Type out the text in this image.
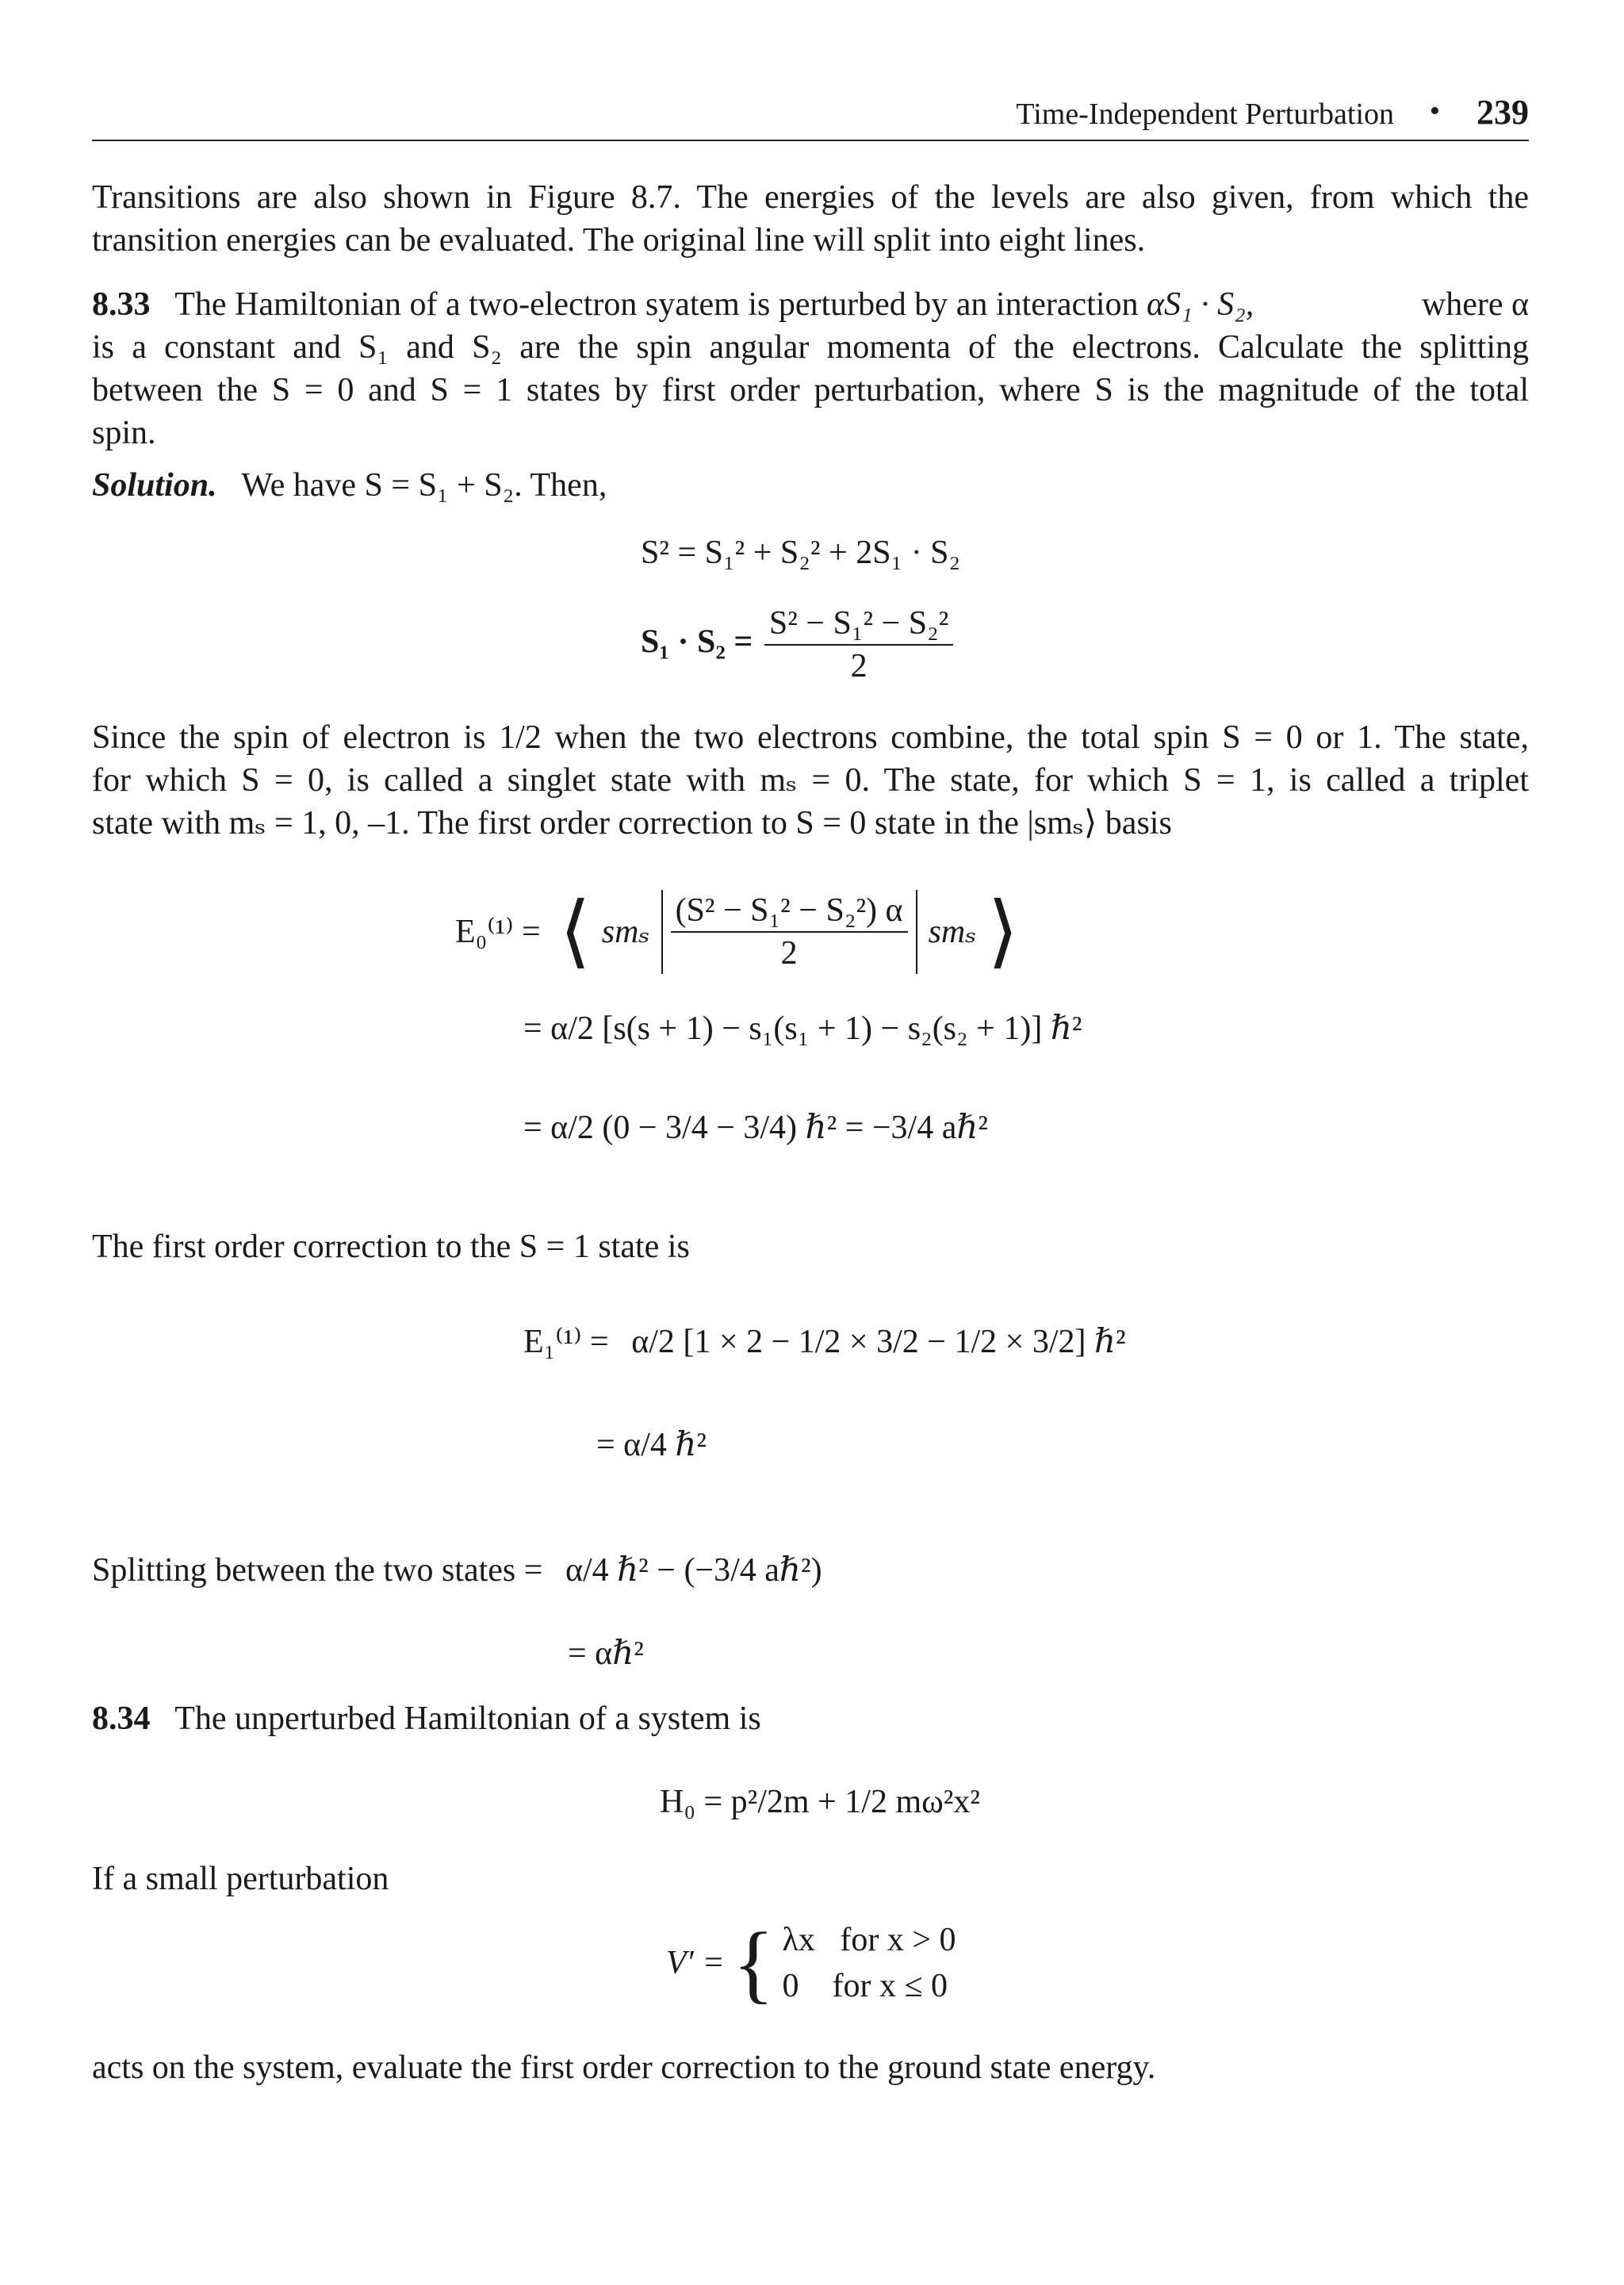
Time-Independent Perturbation • 239
Transitions are also shown in Figure 8.7. The energies of the levels are also given, from which the
transition energies can be evaluated. The original line will split into eight lines.
8.33 The Hamiltonian of a two-electron syatem is perturbed by an interaction αS₁ · S₂,	where α
is a constant and S₁ and S₂ are the spin angular momenta of the electrons. Calculate the splitting
between the S = 0 and S = 1 states by first order perturbation, where S is the magnitude of the total
spin.
Solution. We have S = S₁ + S₂. Then,
S² = S₁² + S₂² + 2S₁ · S₂
$S_1 \cdot S_2 = \frac{\text{S² − S₁² − S₂²}}{2}$
Since the spin of electron is 1/2 when the two electrons combine, the total spin S = 0 or 1. The state,
for which S = 0, is called a singlet state with mₛ = 0. The state, for which S = 1, is called a triplet
state with mₛ = 1, 0, –1. The first order correction to S = 0 state in the |smₛ⟩ basis
E₀⁽¹⁾ = ⟨ smₛ $\frac{\text{(S² − S₁² − S₂²) α}}{2}$ smₛ ⟩
= α/2 [s(s + 1) − s₁(s₁ + 1) − s₂(s₂ + 1)] ℏ²
= α/2 (0 − 3/4 − 3/4) ℏ² = −3/4 aℏ²
The first order correction to the S = 1 state is
E₁⁽¹⁾ = α/2 [1 × 2 − 1/2 × 3/2 − 1/2 × 3/2] ℏ²
= α/4 ℏ²
Splitting between the two states = α/4 ℏ² − (−3/4 aℏ²)
= αℏ²
8.34 The unperturbed Hamiltonian of a system is
H₀ = p²/2m + 1/2 mω²x²
If a small perturbation
V′ = { λx   for x > 0
0    for x ≤ 0
acts on the system, evaluate the first order correction to the ground state energy.
